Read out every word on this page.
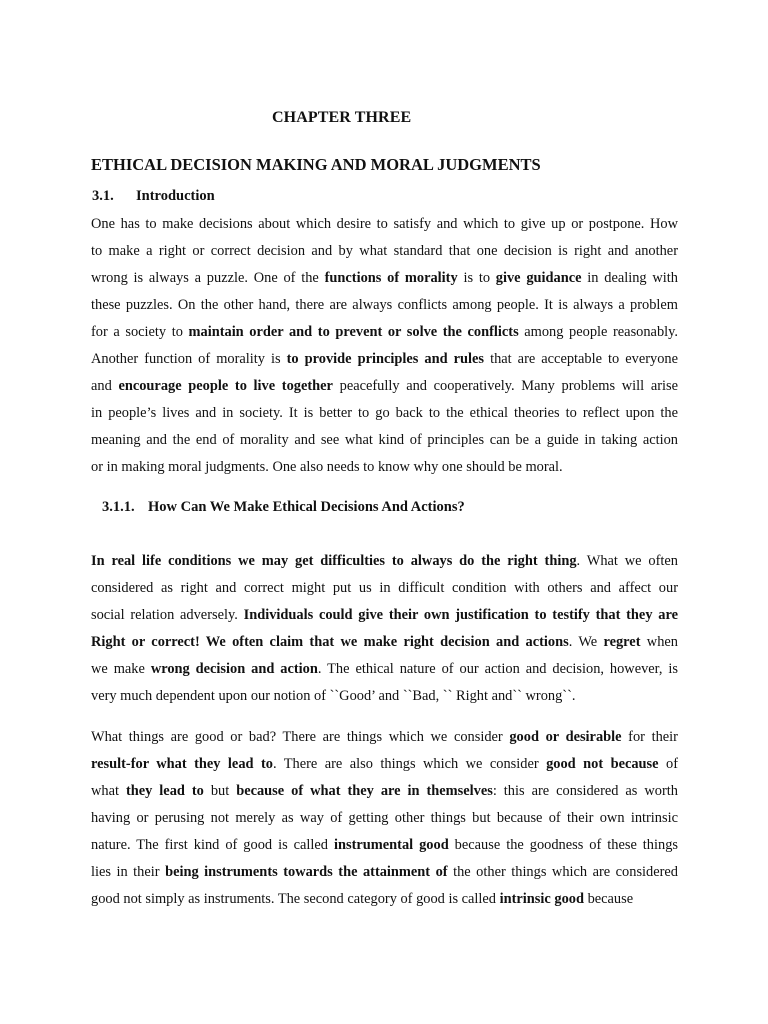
CHAPTER THREE
ETHICAL DECISION MAKING AND MORAL JUDGMENTS
3.1. Introduction
One has to make decisions about which desire to satisfy and which to give up or postpone. How
to make a right or correct decision and by what standard that one decision is right and another
wrong is always a puzzle. One of the functions of morality is to give guidance in dealing with
these puzzles. On the other hand, there are always conflicts among people. It is always a problem
for a society to maintain order and to prevent or solve the conflicts among people reasonably.
Another function of morality is to provide principles and rules that are acceptable to everyone
and encourage people to live together peacefully and cooperatively. Many problems will arise
in people’s lives and in society. It is better to go back to the ethical theories to reflect upon the
meaning and the end of morality and see what kind of principles can be a guide in taking action
or in making moral judgments. One also needs to know why one should be moral.
3.1.1. How Can We Make Ethical Decisions And Actions?
In real life conditions we may get difficulties to always do the right thing. What we often
considered as right and correct might put us in difficult condition with others and affect our
social relation adversely. Individuals could give their own justification to testify that they are
Right or correct! We often claim that we make right decision and actions. We regret when
we make wrong decision and action. The ethical nature of our action and decision, however, is
very much dependent upon our notion of ``Good’ and ``Bad, `` Right and`` wrong``.
What things are good or bad? There are things which we consider good or desirable for their
result-for what they lead to. There are also things which we consider good not because of
what they lead to but because of what they are in themselves: this are considered as worth
having or perusing not merely as way of getting other things but because of their own intrinsic
nature. The first kind of good is called instrumental good because the goodness of these things
lies in their being instruments towards the attainment of the other things which are considered
good not simply as instruments. The second category of good is called intrinsic good because
